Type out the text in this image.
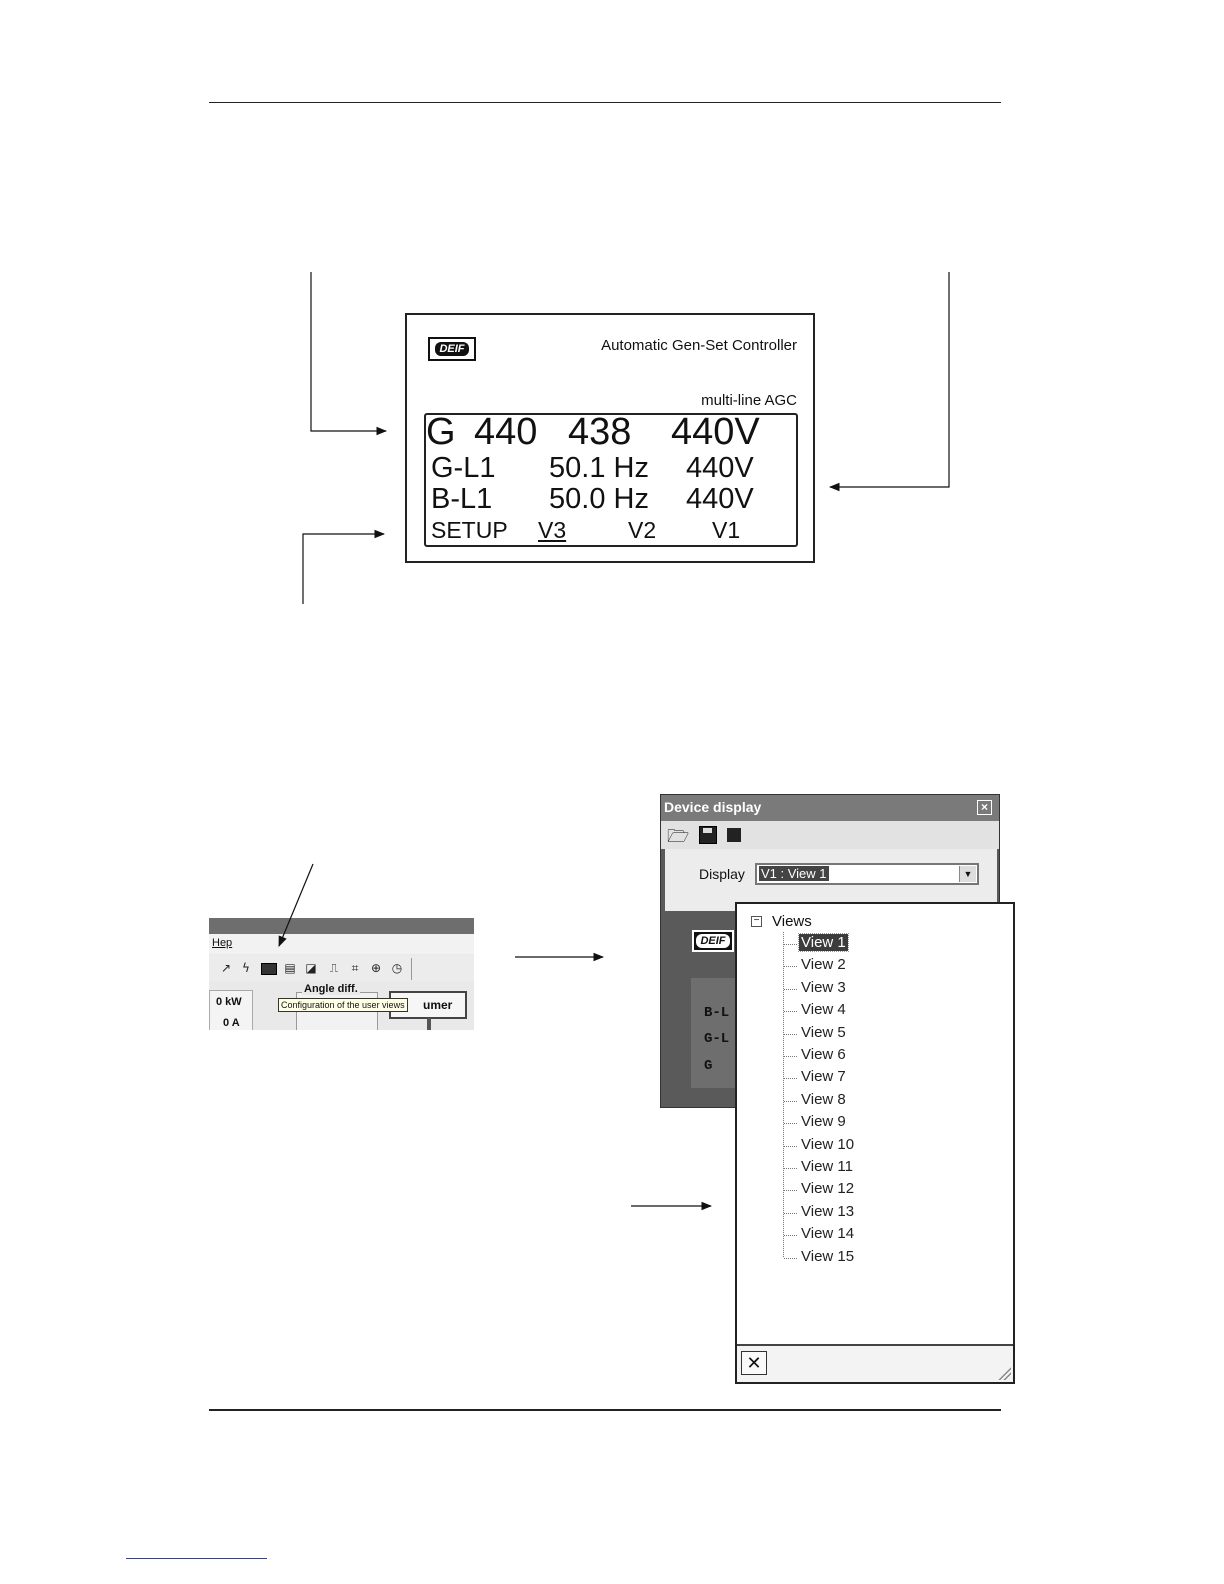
DEIF	Automatic Gen-Set Controller
multi-line AGC
G 440 438 440V
G-L1 50.1 Hz 440V
B-L1 50.0 Hz 440V
SETUP V3	V2 V1
Hep
↗ ϟ	▤ ◪ ⎍	⌗	⊕ ◷
0 kW
0 A
Angle diff.
umer
Configuration of the user views
Device display	×
🗁
Display V1 : View 1	▼
DEIF
B-L
G-L
G
− Views
View 1
View 2
View 3
View 4
View 5
View 6
View 7
View 8
View 9
View 10
View 11
View 12
View 13
View 14
View 15
✕
